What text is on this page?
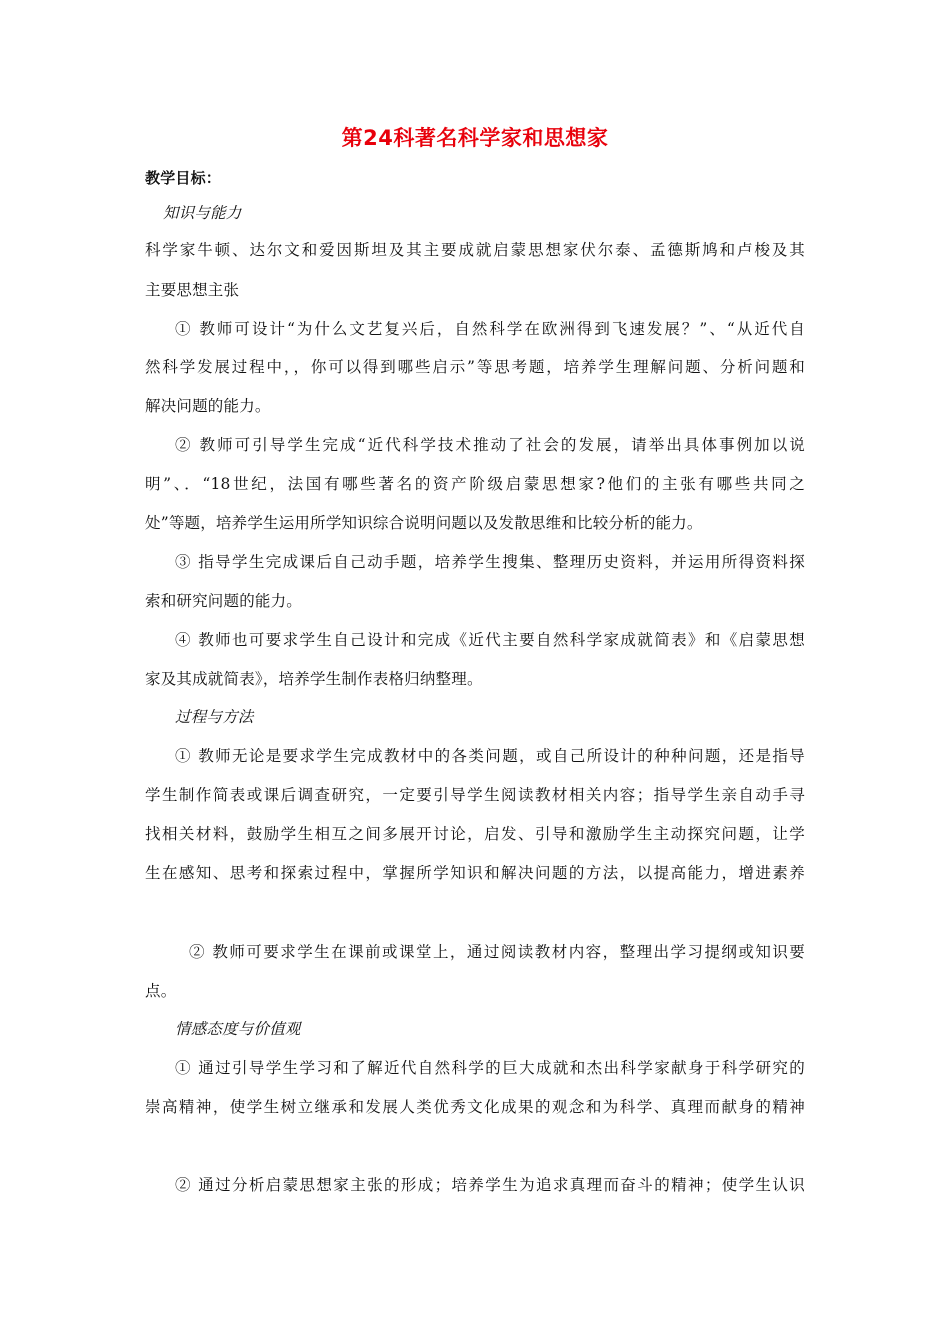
第24科著名科学家和思想家
教学目标：
知识与能力
科学家牛顿、达尔文和爱因斯坦及其主要成就启蒙思想家伏尔泰、孟德斯鸠和卢梭及其
主要思想主张
① 教师可设计“为什么文艺复兴后，自然科学在欧洲得到飞速发展？”、“从近代自
然科学发展过程中，，你可以得到哪些启示”等思考题，培养学生理解问题、分析问题和
解决问题的能力。
② 教师可引导学生完成“近代科学技术推动了社会的发展，请举出具体事例加以说
明”、．“18世纪，法国有哪些著名的资产阶级启蒙思想家?他们的主张有哪些共同之
处”等题，培养学生运用所学知识综合说明问题以及发散思维和比较分析的能力。
③ 指导学生完成课后自己动手题，培养学生搜集、整理历史资料，并运用所得资料探
索和研究问题的能力。
④ 教师也可要求学生自己设计和完成《近代主要自然科学家成就简表》和《启蒙思想
家及其成就简表》，培养学生制作表格归纳整理。
过程与方法
① 教师无论是要求学生完成教材中的各类问题，或自己所设计的种种问题，还是指导
学生制作简表或课后调查研究，一定要引导学生阅读教材相关内容；指导学生亲自动手寻
找相关材料，鼓励学生相互之间多展开讨论，启发、引导和激励学生主动探究问题，让学
生在感知、思考和探索过程中，掌握所学知识和解决问题的方法，以提高能力，增进素养
② 教师可要求学生在课前或课堂上，通过阅读教材内容，整理出学习提纲或知识要
点。
情感态度与价值观
① 通过引导学生学习和了解近代自然科学的巨大成就和杰出科学家献身于科学研究的
崇高精神，使学生树立继承和发展人类优秀文化成果的观念和为科学、真理而献身的精神
② 通过分析启蒙思想家主张的形成；培养学生为追求真理而奋斗的精神；使学生认识
